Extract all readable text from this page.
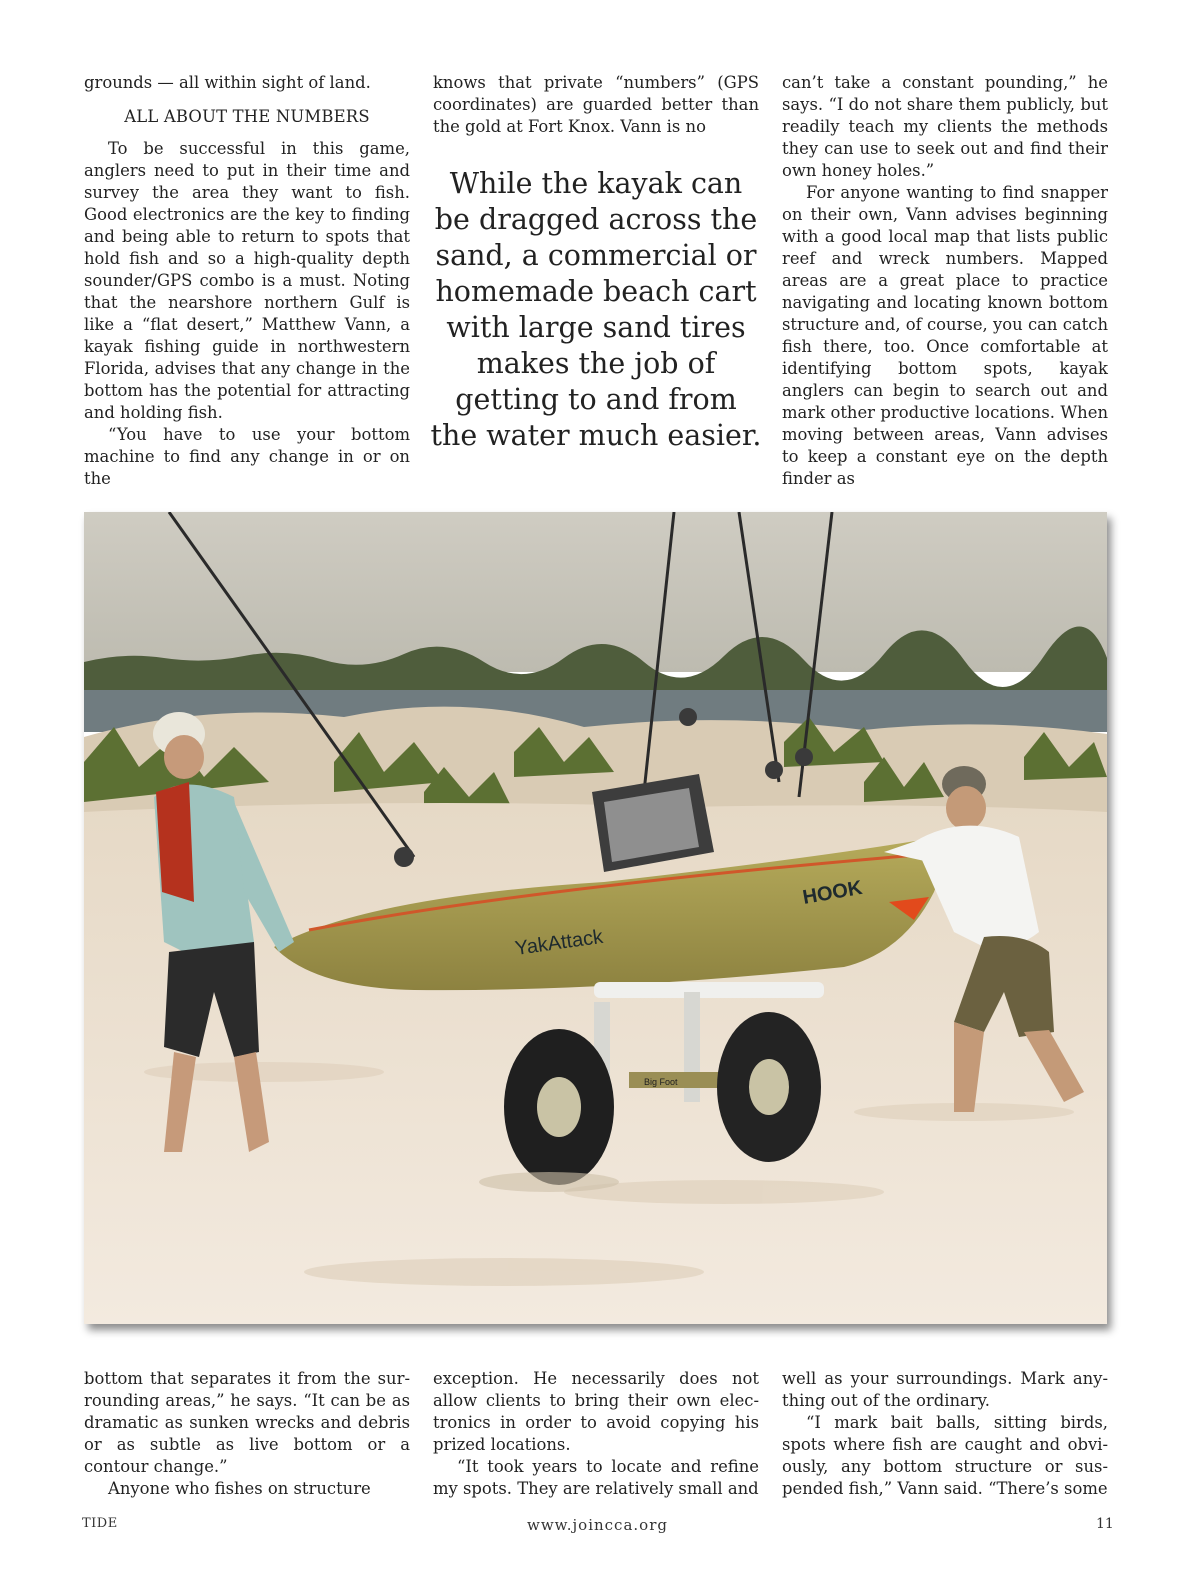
grounds — all within sight of land.

ALL ABOUT THE NUMBERS

To be successful in this game, anglers need to put in their time and survey the area they want to fish. Good electronics are the key to finding and being able to return to spots that hold fish and so a high-quality depth sounder/GPS combo is a must. Noting that the nearshore northern Gulf is like a “flat desert,” Matthew Vann, a kayak fishing guide in northwestern Florida, advises that any change in the bottom has the potential for attracting and holding fish.

“You have to use your bottom machine to find any change in or on the

knows that private “numbers” (GPS coordinates) are guarded better than the gold at Fort Knox. Vann is no

While the kayak can be dragged across the sand, a commercial or homemade beach cart with large sand tires makes the job of getting to and from the water much easier.

can’t take a constant pounding,” he says. “I do not share them publicly, but readily teach my clients the methods they can use to seek out and find their own honey holes.”

For anyone wanting to find snapper on their own, Vann advises beginning with a good local map that lists public reef and wreck numbers. Mapped areas are a great place to practice navigating and locating known bottom structure and, of course, you can catch fish there, too. Once comfortable at identifying bottom spots, kayak anglers can begin to search out and mark other productive locations. When moving between areas, Vann advises to keep a constant eye on the depth finder as

YakAttack
HOOK
Big Foot

bottom that separates it from the surrounding areas,” he says. “It can be as dramatic as sunken wrecks and debris or as subtle as live bottom or a contour change.”

Anyone who fishes on structure

exception. He necessarily does not allow clients to bring their own electronics in order to avoid copying his prized locations.

“It took years to locate and refine my spots. They are relatively small and

well as your surroundings. Mark anything out of the ordinary.

“I mark bait balls, sitting birds, spots where fish are caught and obviously, any bottom structure or suspended fish,” Vann said. “There’s some

TIDE	www.joincca.org	11
